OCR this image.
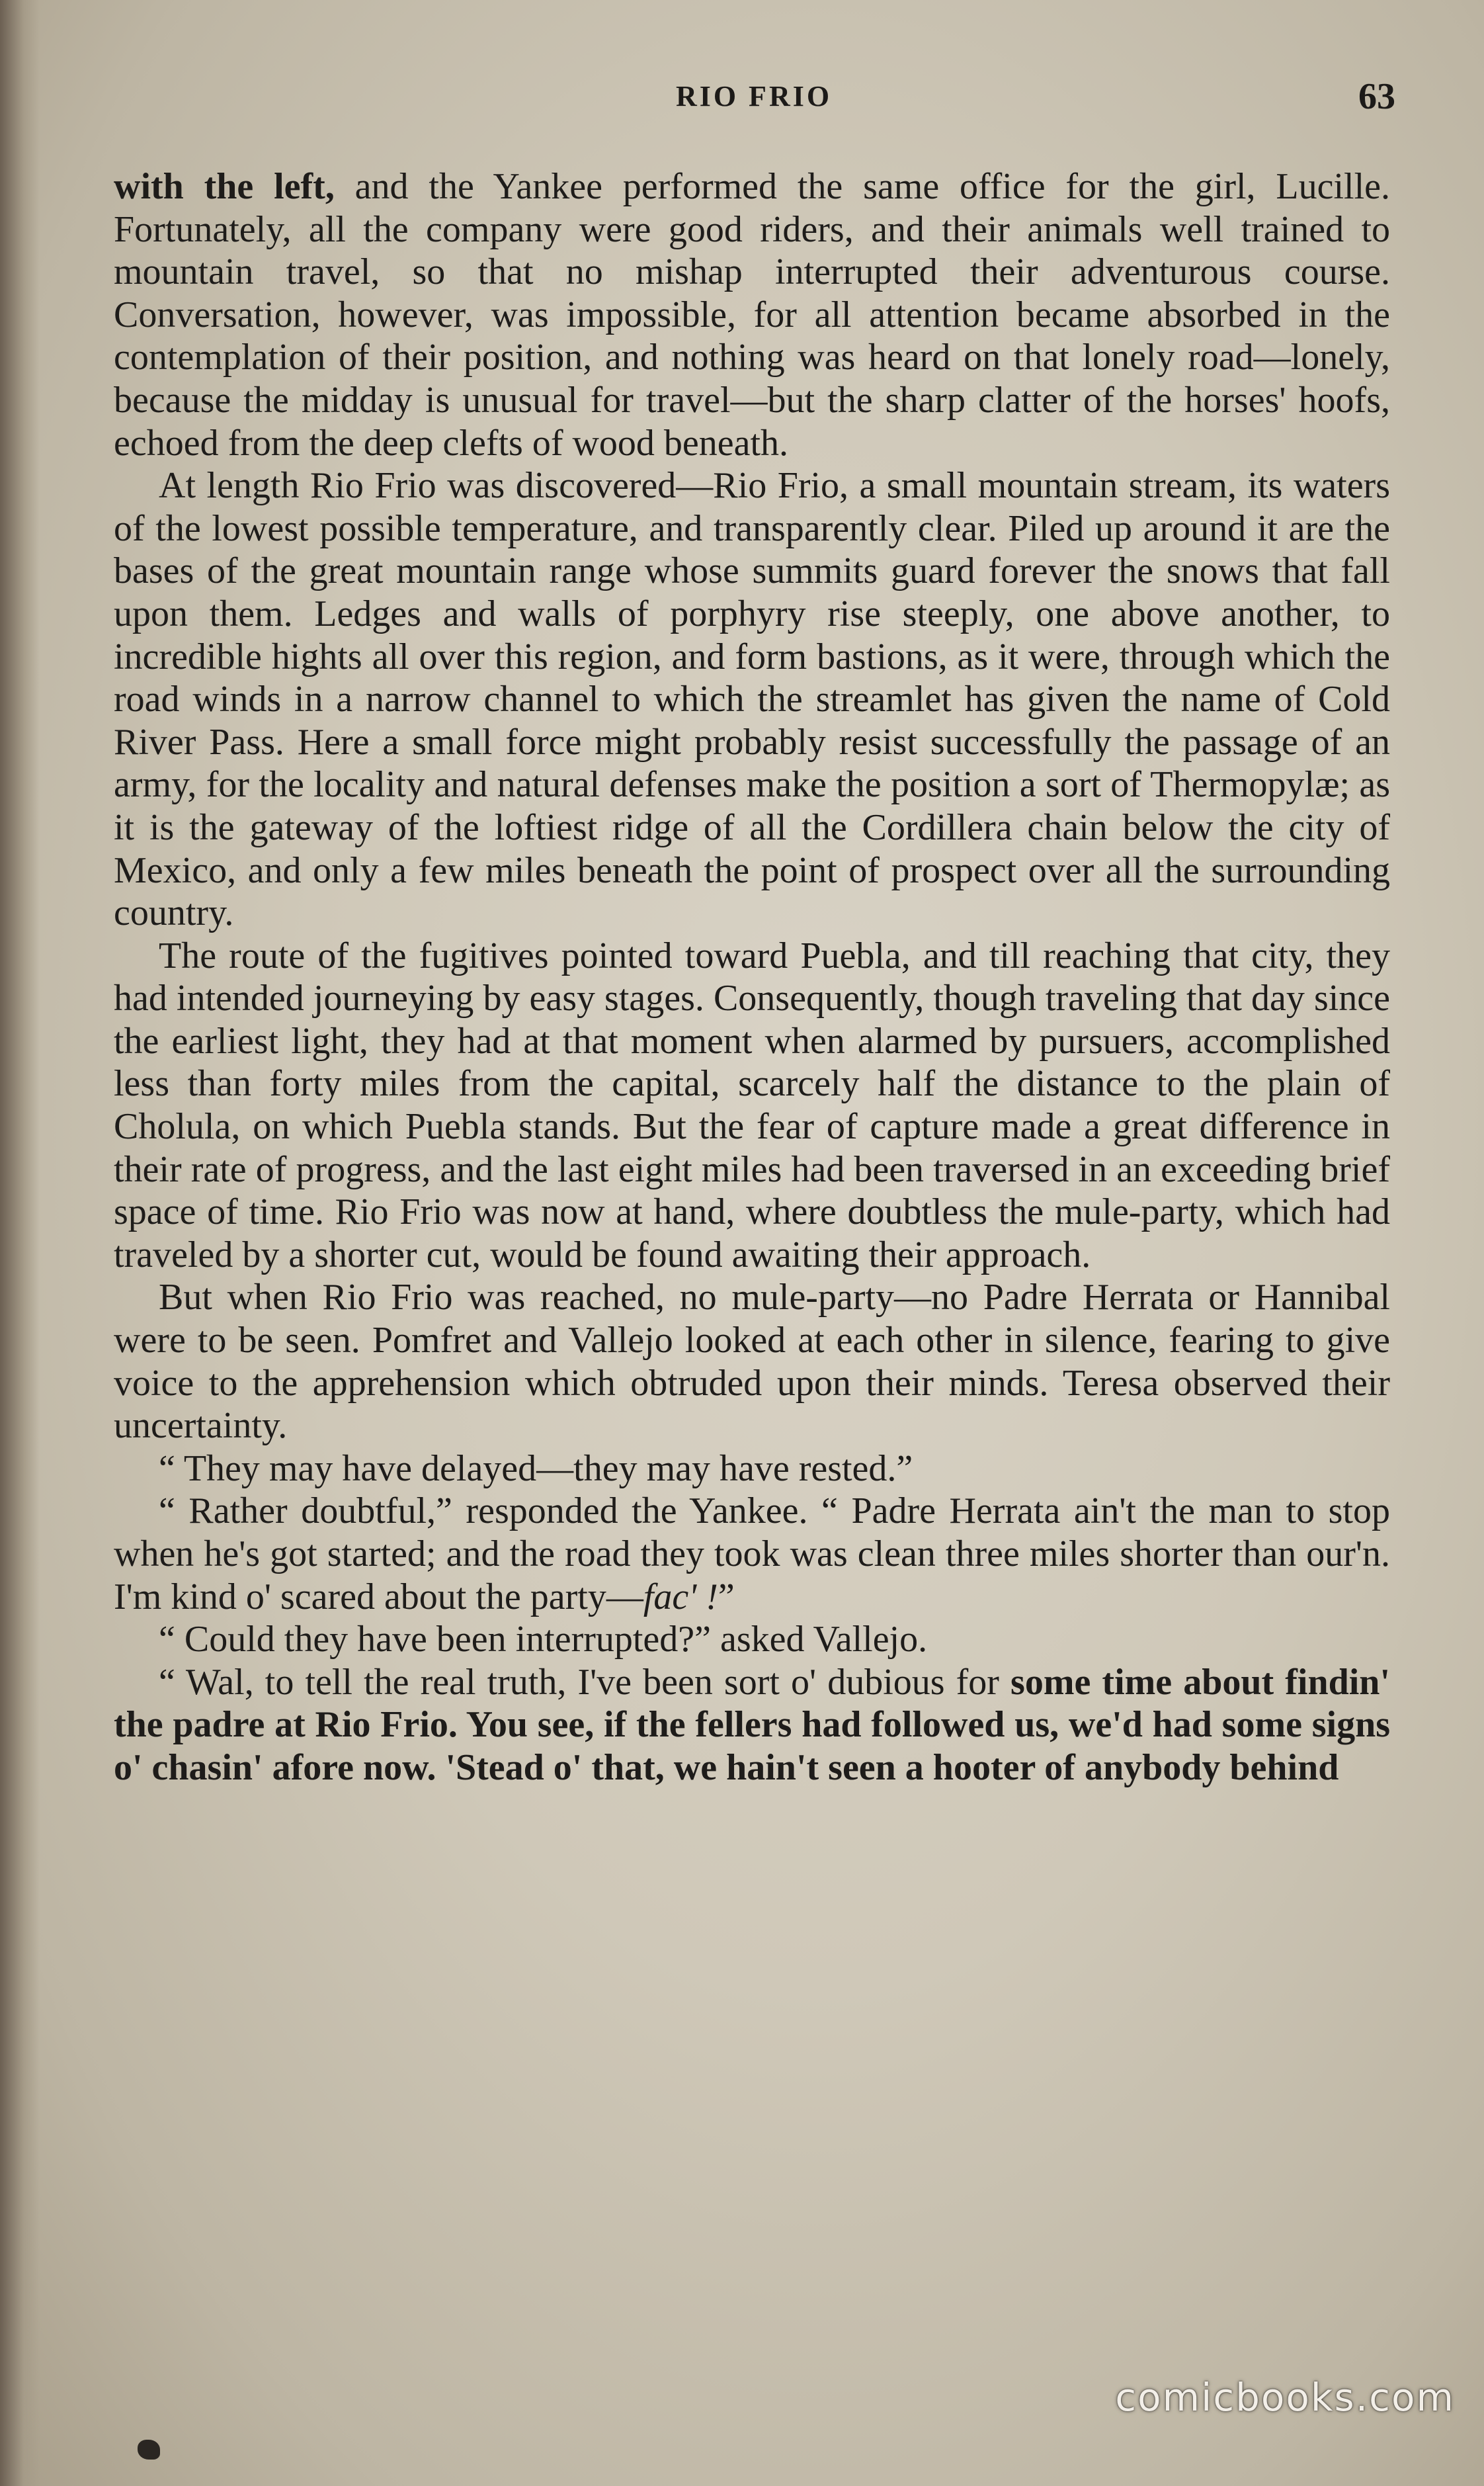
RIO FRIO	63

with the left, and the Yankee performed the same office for the girl, Lucille. Fortunately, all the company were good riders, and their animals well trained to mountain travel, so that no mishap interrupted their adventurous course. Conversation, however, was impossible, for all attention became absorbed in the contemplation of their position, and nothing was heard on that lonely road—lonely, because the midday is unusual for travel—but the sharp clatter of the horses' hoofs, echoed from the deep clefts of wood beneath.

At length Rio Frio was discovered—Rio Frio, a small mountain stream, its waters of the lowest possible temperature, and transparently clear. Piled up around it are the bases of the great mountain range whose summits guard forever the snows that fall upon them. Ledges and walls of porphyry rise steeply, one above another, to incredible hights all over this region, and form bastions, as it were, through which the road winds in a narrow channel to which the streamlet has given the name of Cold River Pass. Here a small force might probably resist successfully the passage of an army, for the locality and natural defenses make the position a sort of Thermopylæ; as it is the gateway of the loftiest ridge of all the Cordillera chain below the city of Mexico, and only a few miles beneath the point of prospect over all the surrounding country.

The route of the fugitives pointed toward Puebla, and till reaching that city, they had intended journeying by easy stages. Consequently, though traveling that day since the earliest light, they had at that moment when alarmed by pursuers, accomplished less than forty miles from the capital, scarcely half the distance to the plain of Cholula, on which Puebla stands. But the fear of capture made a great difference in their rate of progress, and the last eight miles had been traversed in an exceeding brief space of time. Rio Frio was now at hand, where doubtless the mule-party, which had traveled by a shorter cut, would be found awaiting their approach.

But when Rio Frio was reached, no mule-party—no Padre Herrata or Hannibal were to be seen. Pomfret and Vallejo looked at each other in silence, fearing to give voice to the apprehension which obtruded upon their minds. Teresa observed their uncertainty.

“ They may have delayed—they may have rested.”

“ Rather doubtful,” responded the Yankee. “ Padre Herrata ain't the man to stop when he's got started; and the road they took was clean three miles shorter than our'n. I'm kind o' scared about the party—fac' !”

“ Could they have been interrupted?” asked Vallejo.

“ Wal, to tell the real truth, I've been sort o' dubious for some time about findin' the padre at Rio Frio. You see, if the fellers had followed us, we'd had some signs o' chasin' afore now. 'Stead o' that, we hain't seen a hooter of anybody behind

comicbooks.com
